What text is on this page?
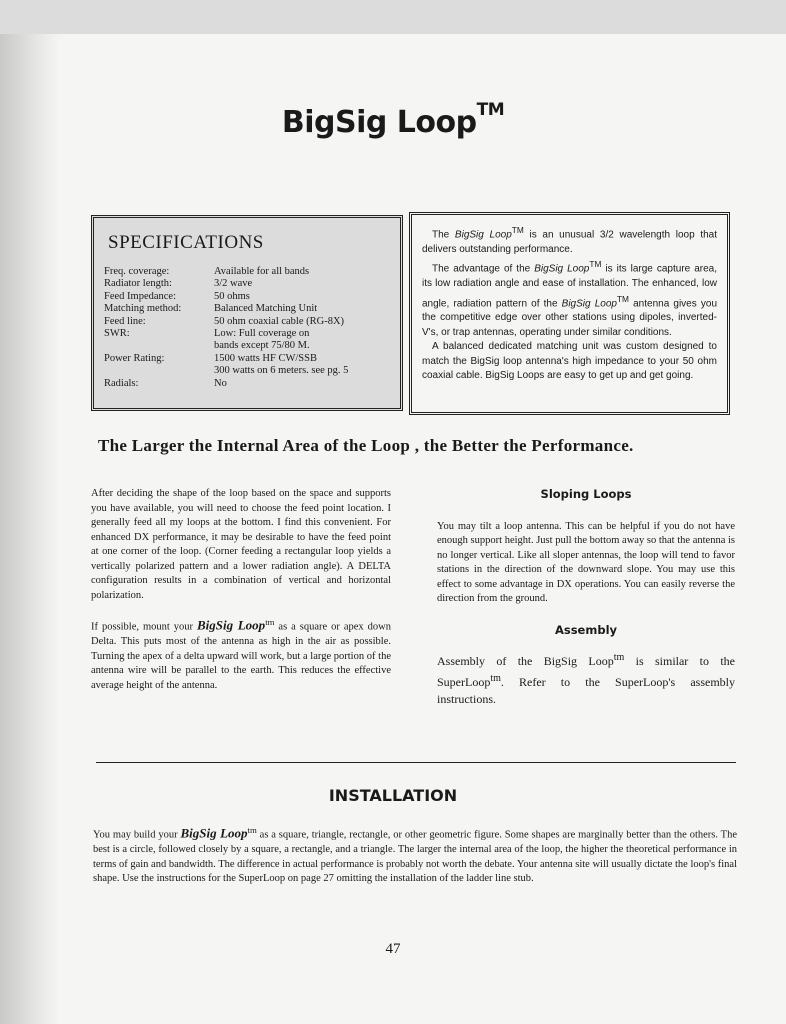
BigSig Loop™
SPECIFICATIONS
Freq. coverage:	Available for all bands
Radiator length:	3/2 wave
Feed Impedance:	50 ohms
Matching method:	Balanced Matching Unit
Feed line:	50 ohm coaxial cable (RG-8X)
SWR:	Low: Full coverage on
bands except 75/80 M.
Power Rating:	1500 watts HF CW/SSB
300 watts on 6 meters. see pg. 5
Radials:	No

The BigSig Loop™ is an unusual 3/2 wavelength loop that delivers outstanding performance.

The advantage of the BigSig Loop™ is its large capture area, its low radiation angle and ease of installation. The enhanced, low angle, radiation pattern of the BigSig Loop™ antenna gives you the competitive edge over other stations using dipoles, inverted-V's, or trap antennas, operating under similar conditions.

A balanced dedicated matching unit was custom designed to match the BigSig loop antenna's high impedance to your 50 ohm coaxial cable. BigSig Loops are easy to get up and get going.

The Larger the Internal Area of the Loop , the Better the Performance.

After deciding the shape of the loop based on the space and supports you have available, you will need to choose the feed point location. I generally feed all my loops at the bottom. I find this convenient. For enhanced DX performance, it may be desirable to have the feed point at one corner of the loop. (Corner feeding a rectangular loop yields a vertically polarized pattern and a lower radiation angle). A DELTA configuration results in a combination of vertical and horizontal polarization.

If possible, mount your BigSig Loop$^{tm}$ as a square or apex down Delta. This puts most of the antenna as high in the air as possible. Turning the apex of a delta upward will work, but a large portion of the antenna wire will be parallel to the earth. This reduces the effective average height of the antenna.

Sloping Loops

You may tilt a loop antenna. This can be helpful if you do not have enough support height. Just pull the bottom away so that the antenna is no longer vertical. Like all sloper antennas, the loop will tend to favor stations in the direction of the downward slope. You may use this effect to some advantage in DX operations. You can easily reverse the direction from the ground.

Assembly

Assembly of the BigSig Loop$^{tm}$ is similar to the SuperLoop$^{tm}$. Refer to the SuperLoop's assembly instructions.

INSTALLATION

You may build your BigSig Loop$^{tm}$ as a square, triangle, rectangle, or other geometric figure. Some shapes are marginally better than the others. The best is a circle, followed closely by a square, a rectangle, and a triangle. The larger the internal area of the loop, the higher the theoretical performance in terms of gain and bandwidth. The difference in actual performance is probably not worth the debate. Your antenna site will usually dictate the loop's final shape. Use the instructions for the SuperLoop on page 27 omitting the installation of the ladder line stub.

47
